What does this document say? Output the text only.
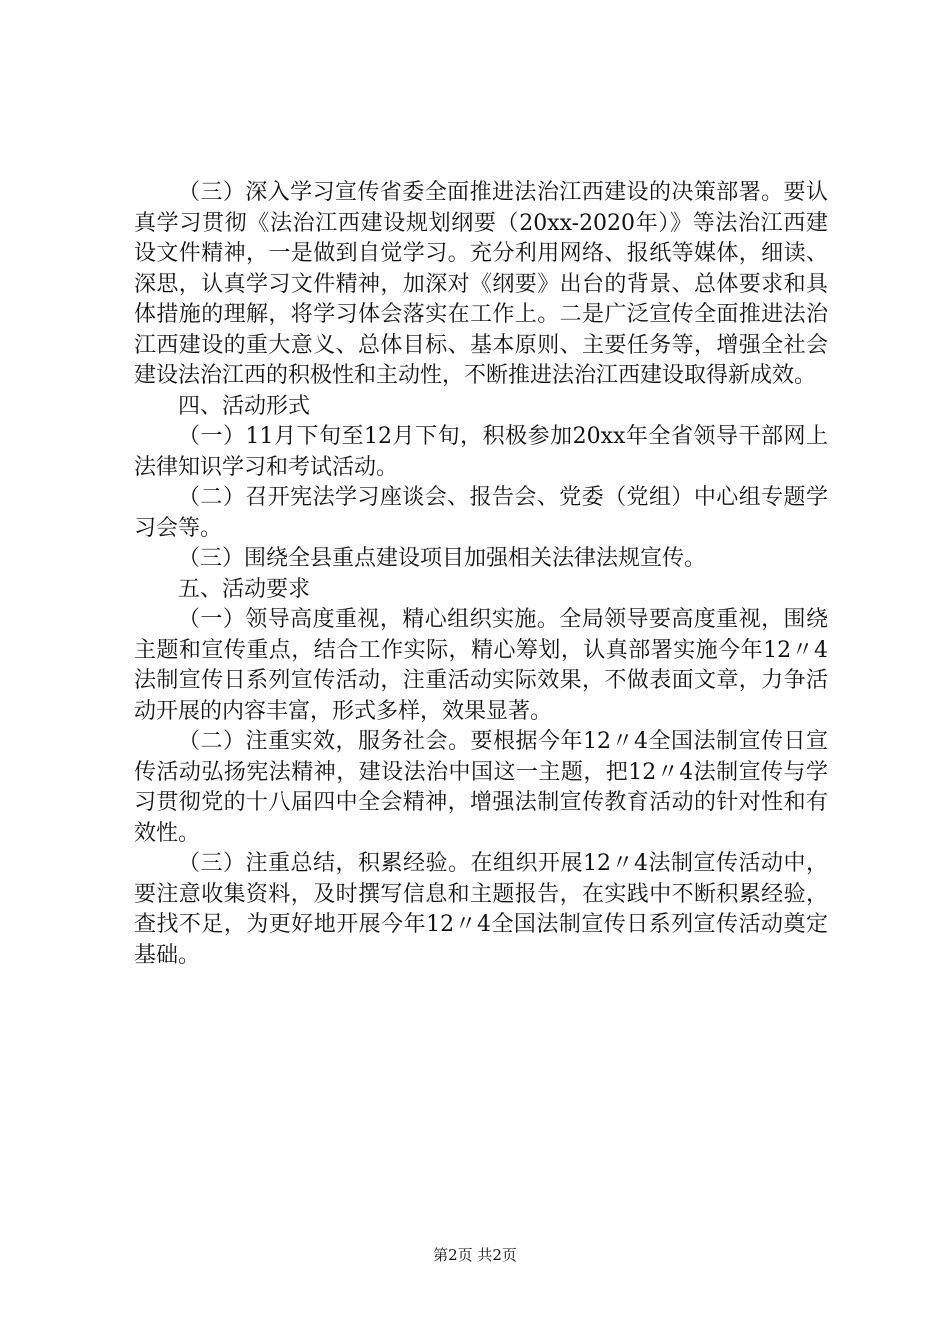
（三）深入学习宣传省委全面推进法治江西建设的决策部署。要认真学习贯彻《法治江西建设规划纲要（20xx-2020年）》等法治江西建设文件精神，一是做到自觉学习。充分利用网络、报纸等媒体，细读、深思，认真学习文件精神，加深对《纲要》出台的背景、总体要求和具体措施的理解，将学习体会落实在工作上。二是广泛宣传全面推进法治江西建设的重大意义、总体目标、基本原则、主要任务等，增强全社会建设法治江西的积极性和主动性，不断推进法治江西建设取得新成效。

四、活动形式

（一）11月下旬至12月下旬，积极参加20xx年全省领导干部网上法律知识学习和考试活动。

（二）召开宪法学习座谈会、报告会、党委（党组）中心组专题学习会等。

（三）围绕全县重点建设项目加强相关法律法规宣传。

五、活动要求

（一）领导高度重视，精心组织实施。全局领导要高度重视，围绕主题和宣传重点，结合工作实际，精心筹划，认真部署实施今年12〃4法制宣传日系列宣传活动，注重活动实际效果，不做表面文章，力争活动开展的内容丰富，形式多样，效果显著。

（二）注重实效，服务社会。要根据今年12〃4全国法制宣传日宣传活动弘扬宪法精神，建设法治中国这一主题，把12〃4法制宣传与学习贯彻党的十八届四中全会精神，增强法制宣传教育活动的针对性和有效性。

（三）注重总结，积累经验。在组织开展12〃4法制宣传活动中，要注意收集资料，及时撰写信息和主题报告，在实践中不断积累经验，查找不足，为更好地开展今年12〃4全国法制宣传日系列宣传活动奠定基础。

第2页 共2页
